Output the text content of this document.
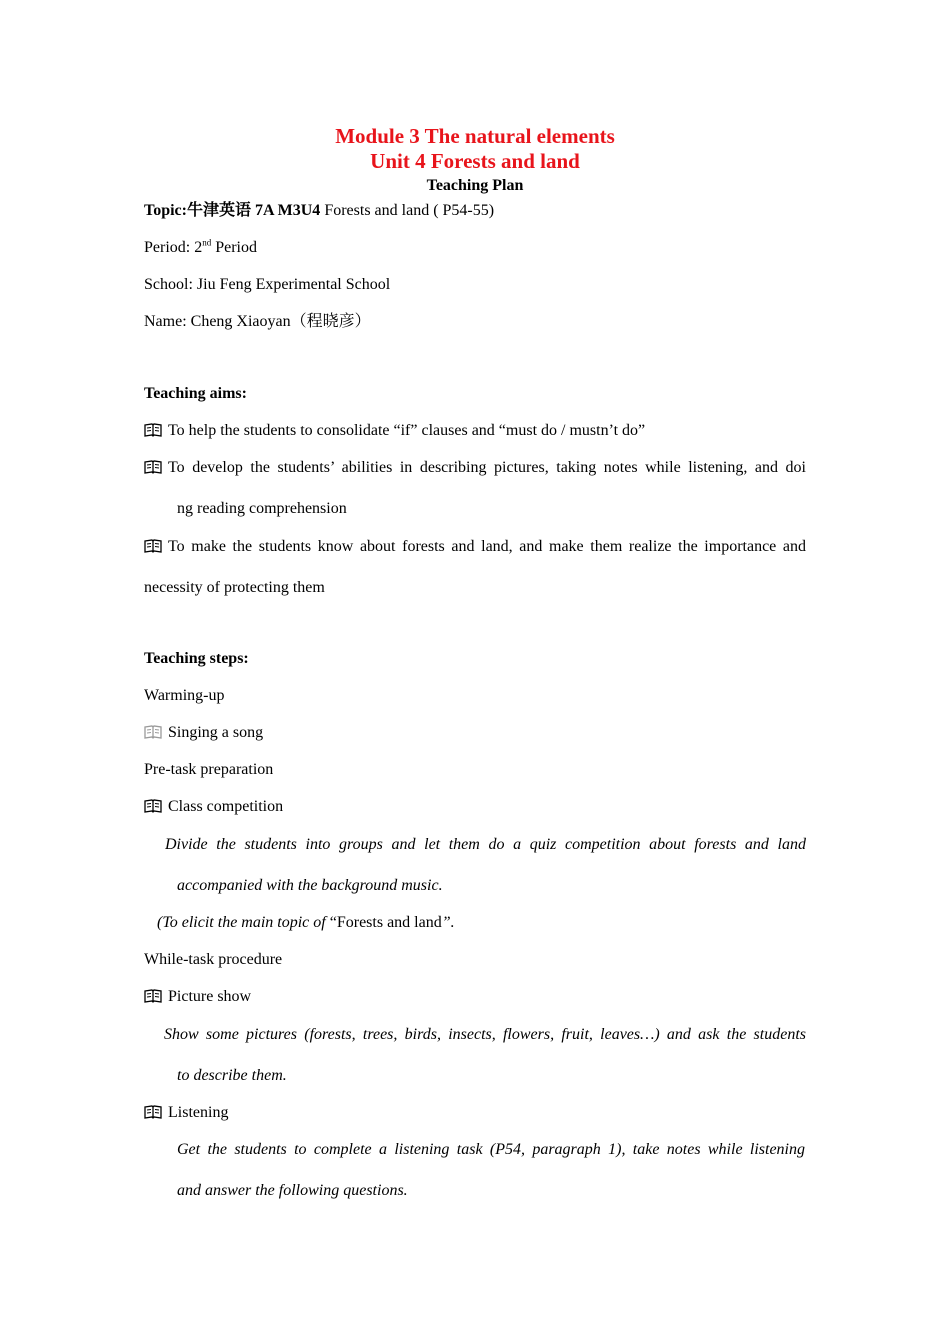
Module 3 The natural elements
Unit 4 Forests and land
Teaching Plan
Topic:牛津英语 7A M3U4 Forests and land ( P54-55)
Period: 2nd Period
School: Jiu Feng Experimental School
Name: Cheng Xiaoyan（程晓彦）
Teaching aims:
To help the students to consolidate “if” clauses and “must do / mustn’t do”
To develop the students’ abilities in describing pictures, taking notes while listening, and doi
ng reading comprehension
To make the students know about forests and land, and make them realize the importance and
necessity of protecting them
Teaching steps:
Warming-up
Singing a song
Pre-task preparation
Class competition
Divide the students into groups and let them do a quiz competition about forests and land
accompanied with the background music.
(To elicit the main topic of “Forests and land”.
While-task procedure
Picture show
Show some pictures (forests, trees, birds, insects, flowers, fruit, leaves…) and ask the students
to describe them.
Listening
Get the students to complete a listening task (P54, paragraph 1), take notes while listening
and answer the following questions.
